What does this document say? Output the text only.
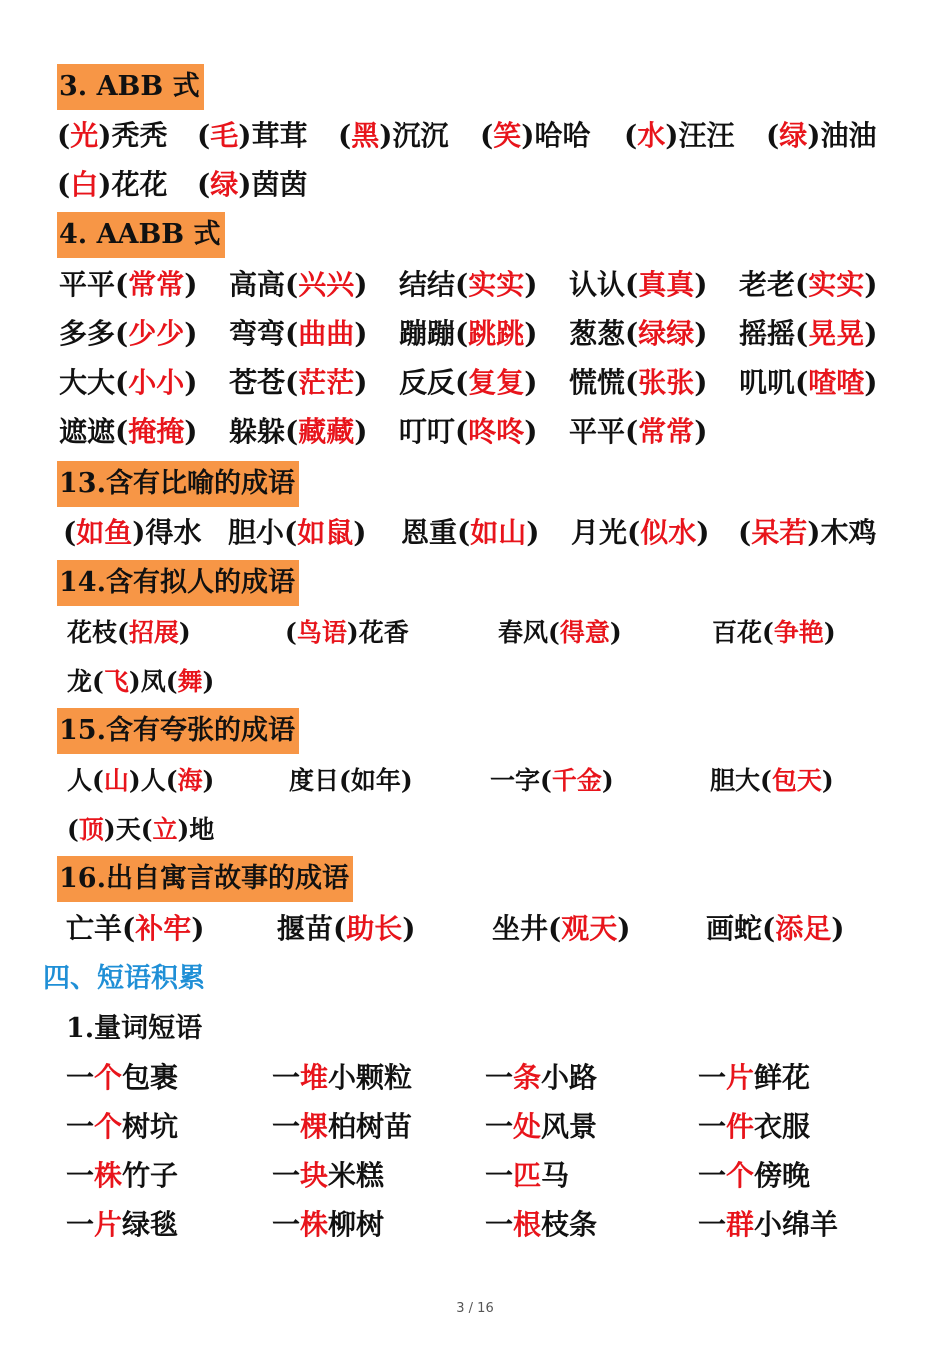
3. ABB 式
4. AABB 式
13.含有比喻的成语
14.含有拟人的成语
15.含有夸张的成语
16.出自寓言故事的成语
四、短语积累
1.量词短语
3 / 16
(光)秃秃 (毛)茸茸 (黑)沉沉 (笑)哈哈 (水)汪汪 (绿)油油
(白)花花 (绿)茵茵
平平(常常) 高高(兴兴) 结结(实实) 认认(真真) 老老(实实)
多多(少少) 弯弯(曲曲) 蹦蹦(跳跳) 葱葱(绿绿) 摇摇(晃晃)
大大(小小) 苍苍(茫茫) 反反(复复) 慌慌(张张) 叽叽(喳喳)
遮遮(掩掩) 躲躲(藏藏) 叮叮(咚咚) 平平(常常)
(如鱼)得水 胆小(如鼠) 恩重(如山) 月光(似水) (呆若)木鸡
花枝(招展)	(鸟语)花香	春风(得意)	百花(争艳)
龙(飞)凤(舞)
人(山)人(海)	度日(如年)	一字(千金)	胆大(包天)
(顶)天(立)地
亡羊(补牢)	揠苗(助长)	坐井(观天)	画蛇(添足)
一个包裹	一堆小颗粒	一条小路	一片鲜花
一个树坑	一棵柏树苗	一处风景	一件衣服
一株竹子	一块米糕	一匹马	一个傍晚
一片绿毯	一株柳树	一根枝条	一群小绵羊
